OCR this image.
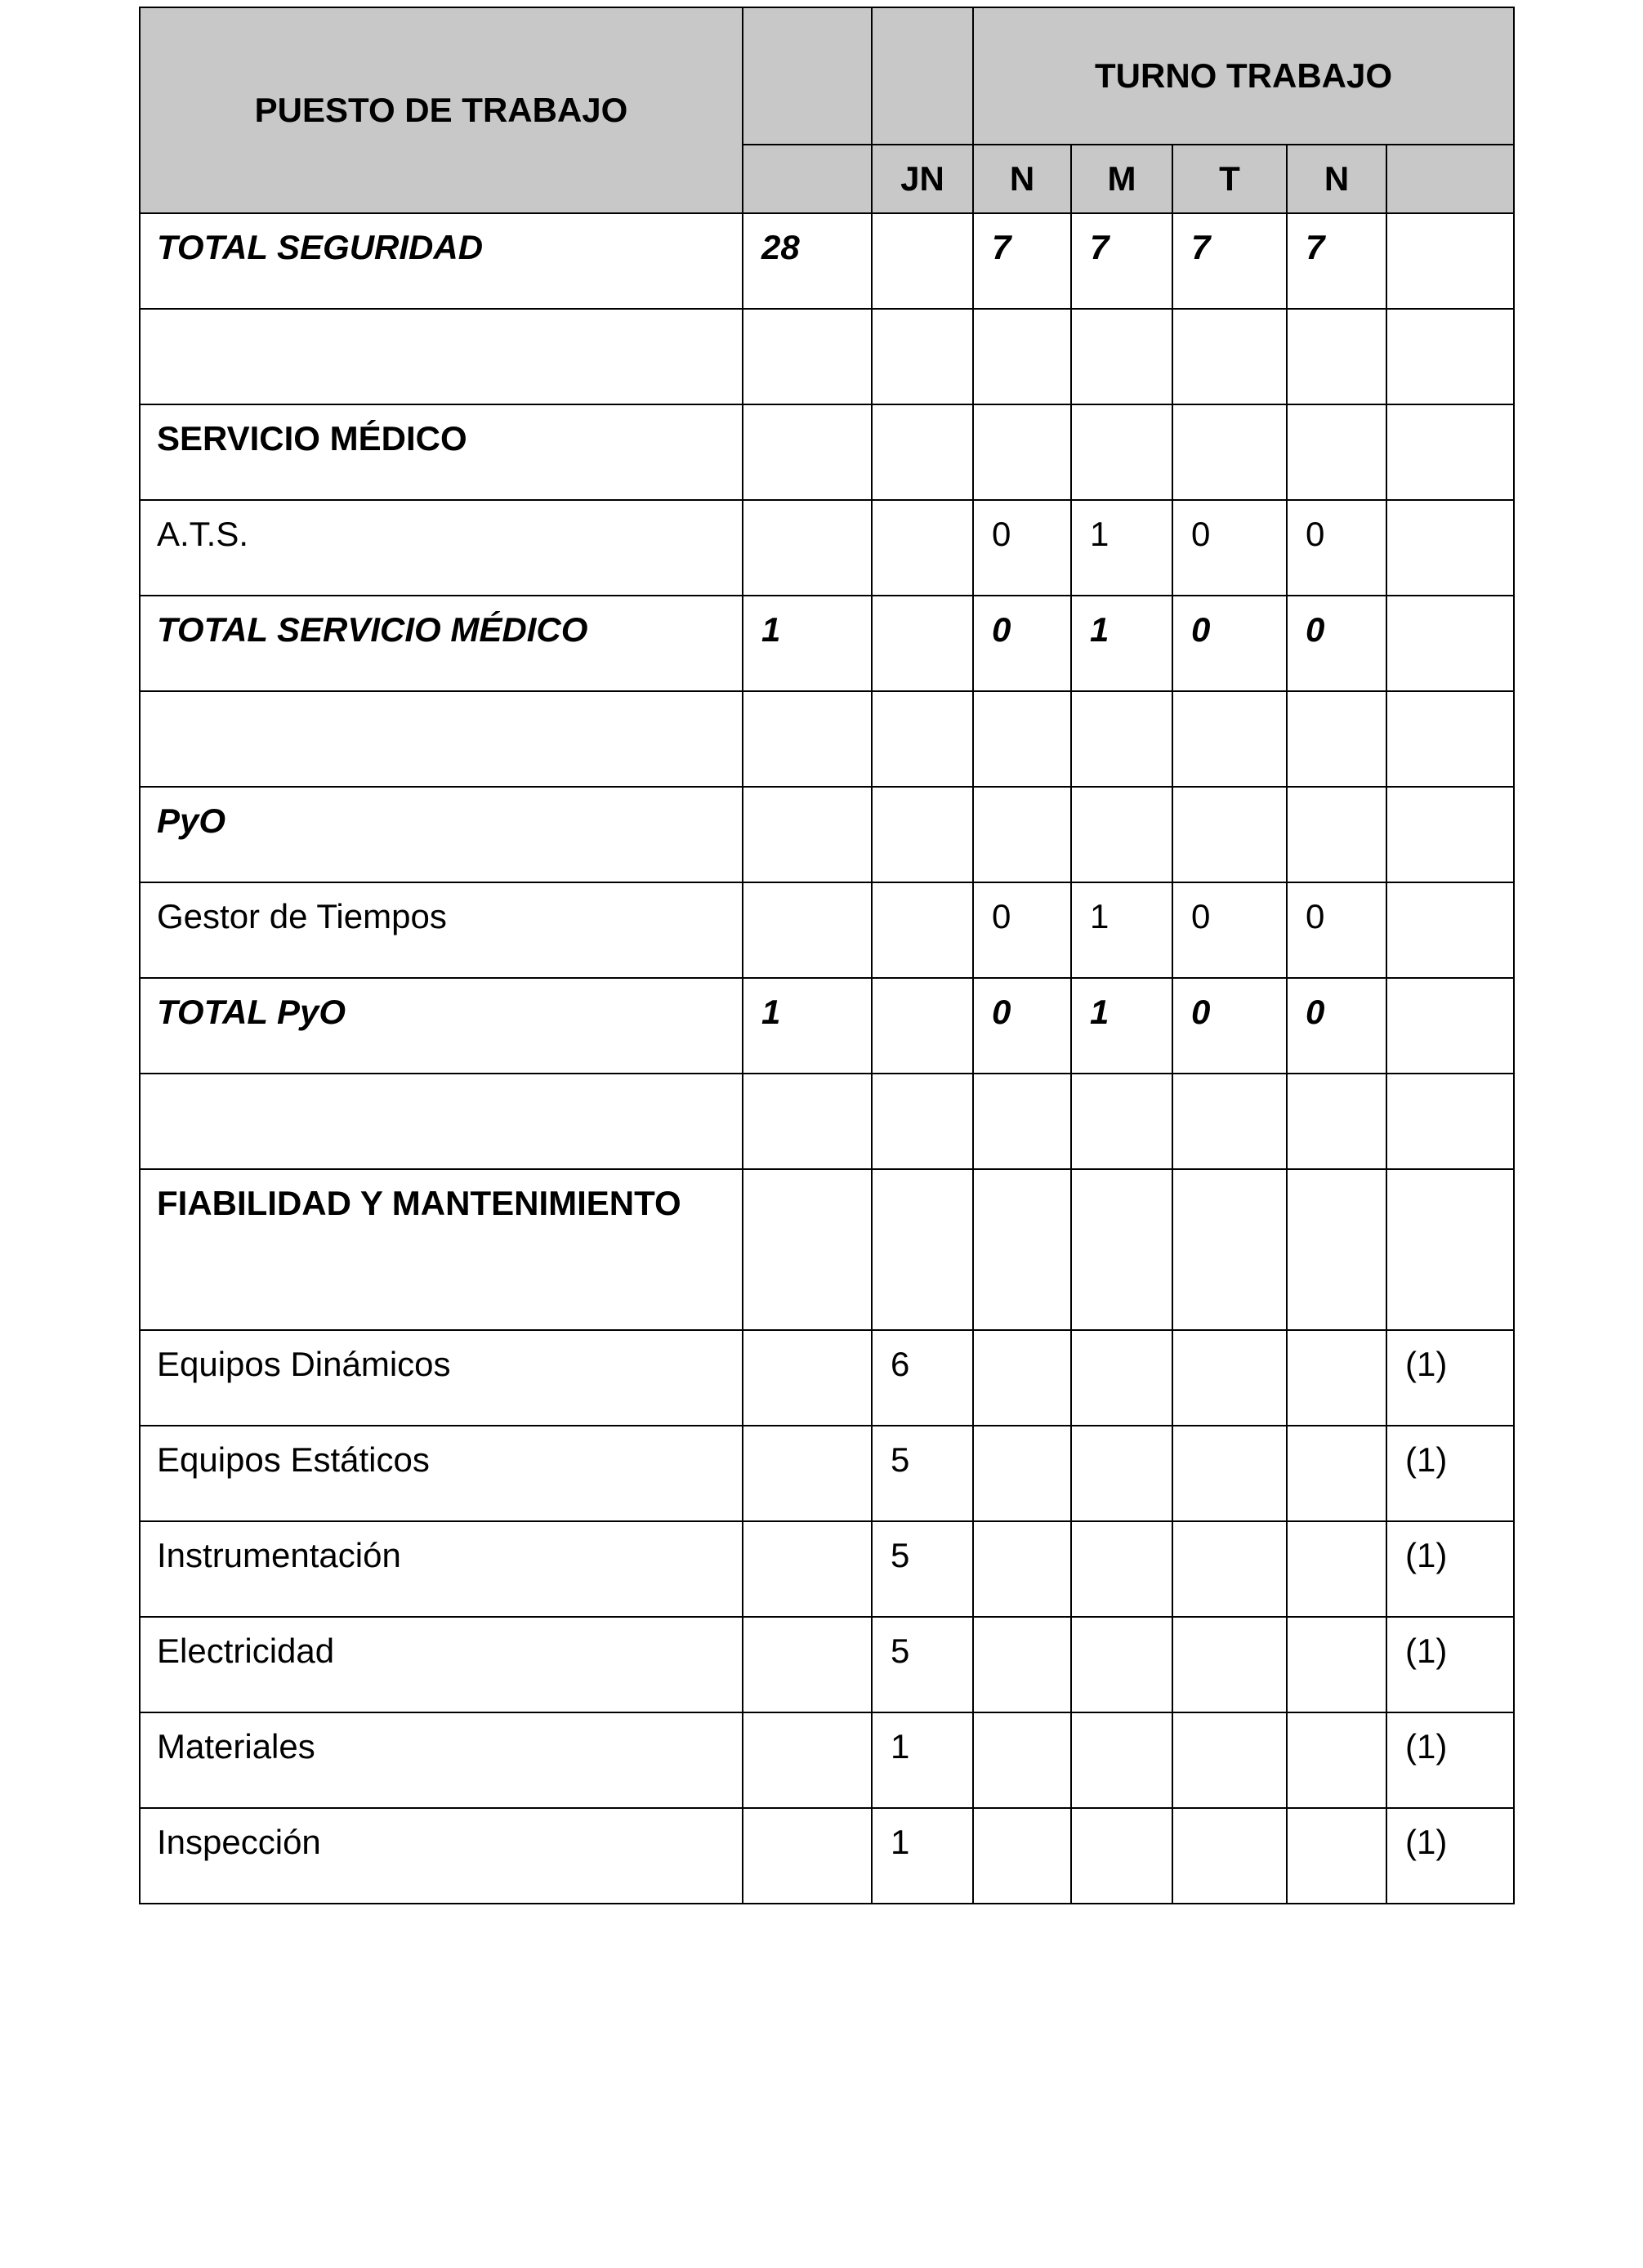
PUESTO DE TRABAJO			TURNO TRABAJO				
		JN	N	M	T	N	
TOTAL SEGURIDAD	28		7	7	7	7	

SERVICIO MÉDICO							
A.T.S.			0	1	0	0	
TOTAL SERVICIO MÉDICO	1		0	1	0	0	

PyO							
Gestor de Tiempos			0	1	0	0	
TOTAL PyO	1		0	1	0	0	

FIABILIDAD Y MANTENIMIENTO							
Equipos Dinámicos		6					(1)
Equipos Estáticos		5					(1)
Instrumentación		5					(1)
Electricidad		5					(1)
Materiales		1					(1)
Inspección		1					(1)
